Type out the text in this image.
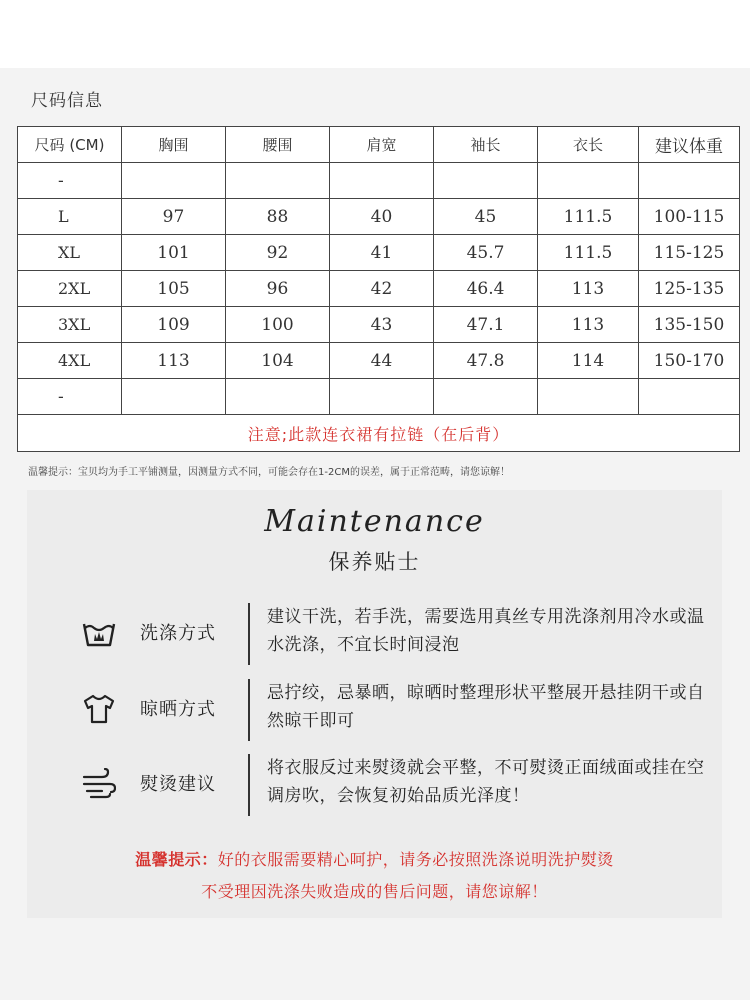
尺码信息
尺码 (CM)	胸围	腰围	肩宽	袖长	衣长	建议体重
-						
L	97	88	40	45	111.5	100-115
XL	101	92	41	45.7	111.5	115-125
2XL	105	96	42	46.4	113	125-135
3XL	109	100	43	47.1	113	135-150
4XL	113	104	44	47.8	114	150-170
-						
注意;此款连衣裙有拉链（在后背）						
温馨提示：宝贝均为手工平铺测量，因测量方式不同，可能会存在1-2CM的误差，属于正常范畴，请您谅解！
Maintenance
保养贴士
洗涤方式
建议干洗，若手洗，需要选用真丝专用洗涤剂用冷水或温水洗涤，不宜长时间浸泡
晾晒方式
忌拧绞，忌暴晒，晾晒时整理形状平整展开悬挂阴干或自然晾干即可
熨烫建议
将衣服反过来熨烫就会平整，不可熨烫正面绒面或挂在空调房吹，会恢复初始品质光泽度！
温馨提示：好的衣服需要精心呵护，请务必按照洗涤说明洗护熨烫
不受理因洗涤失败造成的售后问题，请您谅解！
